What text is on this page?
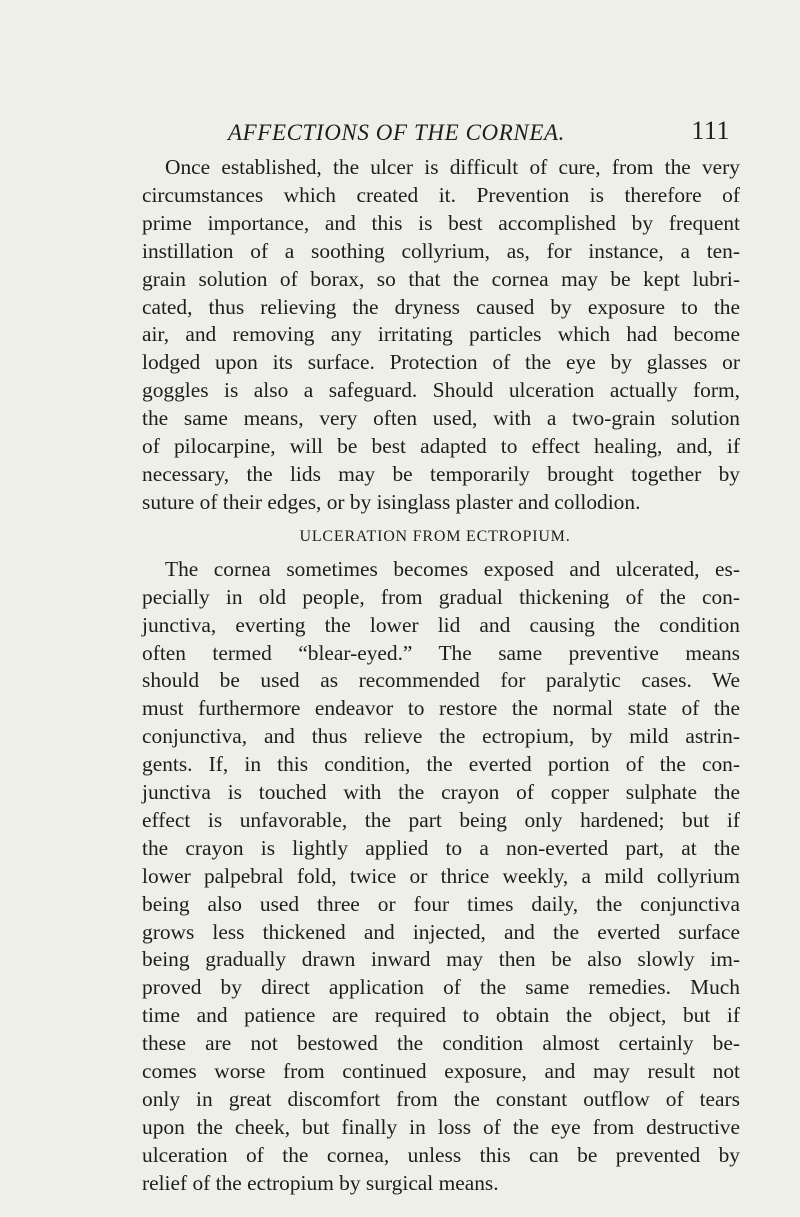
AFFECTIONS OF THE CORNEA.	111
Once established, the ulcer is difficult of cure, from the very
circumstances which created it. Prevention is therefore of
prime importance, and this is best accomplished by frequent
instillation of a soothing collyrium, as, for instance, a ten-
grain solution of borax, so that the cornea may be kept lubri-
cated, thus relieving the dryness caused by exposure to the
air, and removing any irritating particles which had become
lodged upon its surface. Protection of the eye by glasses or
goggles is also a safeguard. Should ulceration actually form,
the same means, very often used, with a two-grain solution
of pilocarpine, will be best adapted to effect healing, and, if
necessary, the lids may be temporarily brought together by
suture of their edges, or by isinglass plaster and collodion.
ULCERATION FROM ECTROPIUM.
The cornea sometimes becomes exposed and ulcerated, es-
pecially in old people, from gradual thickening of the con-
junctiva, everting the lower lid and causing the condition
often termed “blear-eyed.” The same preventive means
should be used as recommended for paralytic cases. We
must furthermore endeavor to restore the normal state of the
conjunctiva, and thus relieve the ectropium, by mild astrin-
gents. If, in this condition, the everted portion of the con-
junctiva is touched with the crayon of copper sulphate the
effect is unfavorable, the part being only hardened; but if
the crayon is lightly applied to a non-everted part, at the
lower palpebral fold, twice or thrice weekly, a mild collyrium
being also used three or four times daily, the conjunctiva
grows less thickened and injected, and the everted surface
being gradually drawn inward may then be also slowly im-
proved by direct application of the same remedies. Much
time and patience are required to obtain the object, but if
these are not bestowed the condition almost certainly be-
comes worse from continued exposure, and may result not
only in great discomfort from the constant outflow of tears
upon the cheek, but finally in loss of the eye from destructive
ulceration of the cornea, unless this can be prevented by
relief of the ectropium by surgical means.
